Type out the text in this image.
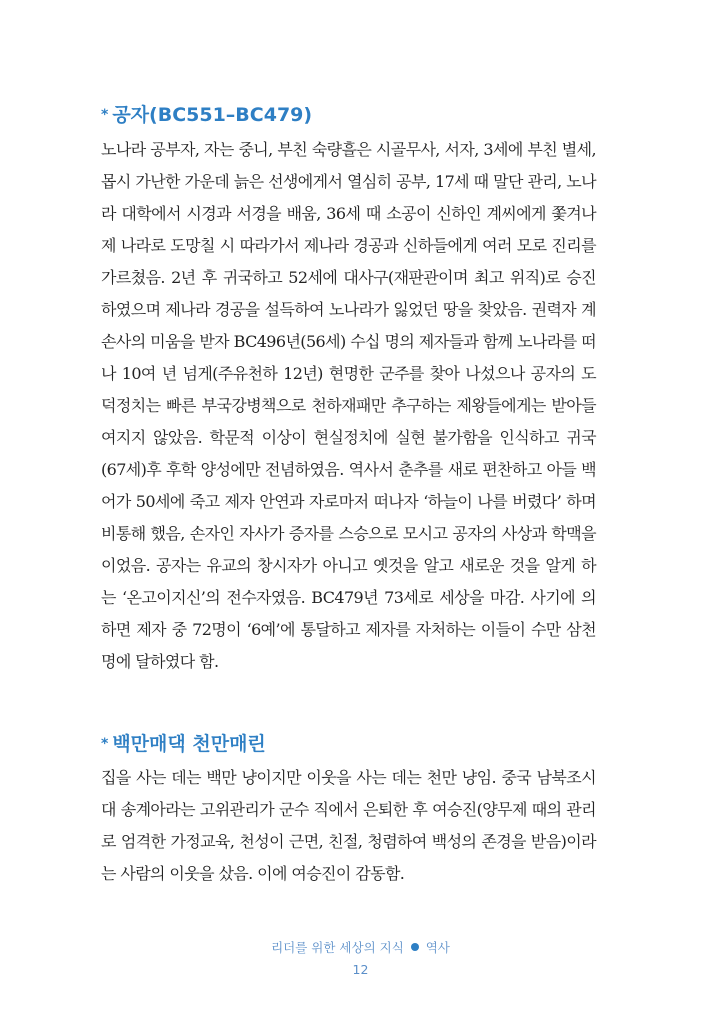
* 공자(BC551–BC479)

노나라 공부자, 자는 중니, 부친 숙량흘은 시골무사, 서자, 3세에 부친 별세, 몹시 가난한 가운데 늙은 선생에게서 열심히 공부, 17세 때 말단 관리, 노나라 대학에서 시경과 서경을 배움, 36세 때 소공이 신하인 계씨에게 쫓겨나 제 나라로 도망칠 시 따라가서 제나라 경공과 신하들에게 여러 모로 진리를 가르쳤음. 2년 후 귀국하고 52세에 대사구(재판관이며 최고 위직)로 승진하였으며 제나라 경공을 설득하여 노나라가 잃었던 땅을 찾았음. 권력자 계손사의 미움을 받자 BC496년(56세) 수십 명의 제자들과 함께 노나라를 떠나 10여 년 넘게(주유천하 12년) 현명한 군주를 찾아 나섰으나 공자의 도덕정치는 빠른 부국강병책으로 천하재패만 추구하는 제왕들에게는 받아들여지지 않았음. 학문적 이상이 현실정치에 실현 불가함을 인식하고 귀국(67세)후 후학 양성에만 전념하였음. 역사서 춘추를 새로 편찬하고 아들 백어가 50세에 죽고 제자 안연과 자로마저 떠나자 ‘하늘이 나를 버렸다’ 하며 비통해 했음, 손자인 자사가 증자를 스승으로 모시고 공자의 사상과 학맥을 이었음. 공자는 유교의 창시자가 아니고 옛것을 알고 새로운 것을 알게 하는 ‘온고이지신’의 전수자였음. BC479년 73세로 세상을 마감. 사기에 의하면 제자 중 72명이 ‘6예’에 통달하고 제자를 자처하는 이들이 수만 삼천 명에 달하였다 함.

* 백만매댁 천만매린

집을 사는 데는 백만 냥이지만 이웃을 사는 데는 천만 냥임. 중국 남북조시대 송계아라는 고위관리가 군수 직에서 은퇴한 후 여승진(양무제 때의 관리로 엄격한 가정교육, 천성이 근면, 친절, 청렴하여 백성의 존경을 받음)이라는 사람의 이웃을 샀음. 이에 여승진이 감동함.

리더를 위한 세상의 지식 역사

12
